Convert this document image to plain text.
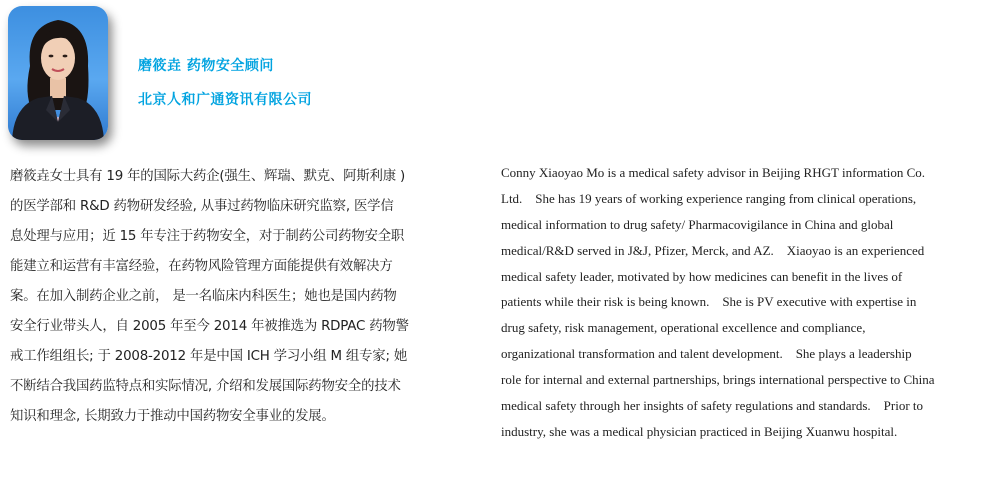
磨筱垚 药物安全顾问
北京人和广通资讯有限公司
磨筱垚女士具有 19 年的国际大药企(强生、辉瑞、默克、阿斯利康 )
的医学部和 R&D 药物研发经验, 从事过药物临床研究监察, 医学信
息处理与应用；近 15 年专注于药物安全，对于制药公司药物安全职
能建立和运营有丰富经验，在药物风险管理方面能提供有效解决方
案。在加入制药企业之前， 是一名临床内科医生；她也是国内药物
安全行业带头人，自 2005 年至今 2014 年被推选为 RDPAC 药物警
戒工作组组长; 于 2008-2012 年是中国 ICH 学习小组 M 组专家; 她
不断结合我国药监特点和实际情况, 介绍和发展国际药物安全的技术
知识和理念, 长期致力于推动中国药物安全事业的发展。
Conny Xiaoyao Mo is a medical safety advisor in Beijing RHGT information Co.
Ltd.    She has 19 years of working experience ranging from clinical operations,
medical information to drug safety/ Pharmacovigilance in China and global
medical/R&D served in J&J, Pfizer, Merck, and AZ.    Xiaoyao is an experienced
medical safety leader, motivated by how medicines can benefit in the lives of
patients while their risk is being known.    She is PV executive with expertise in
drug safety, risk management, operational excellence and compliance,
organizational transformation and talent development.    She plays a leadership
role for internal and external partnerships, brings international perspective to China
medical safety through her insights of safety regulations and standards.    Prior to
industry, she was a medical physician practiced in Beijing Xuanwu hospital.
